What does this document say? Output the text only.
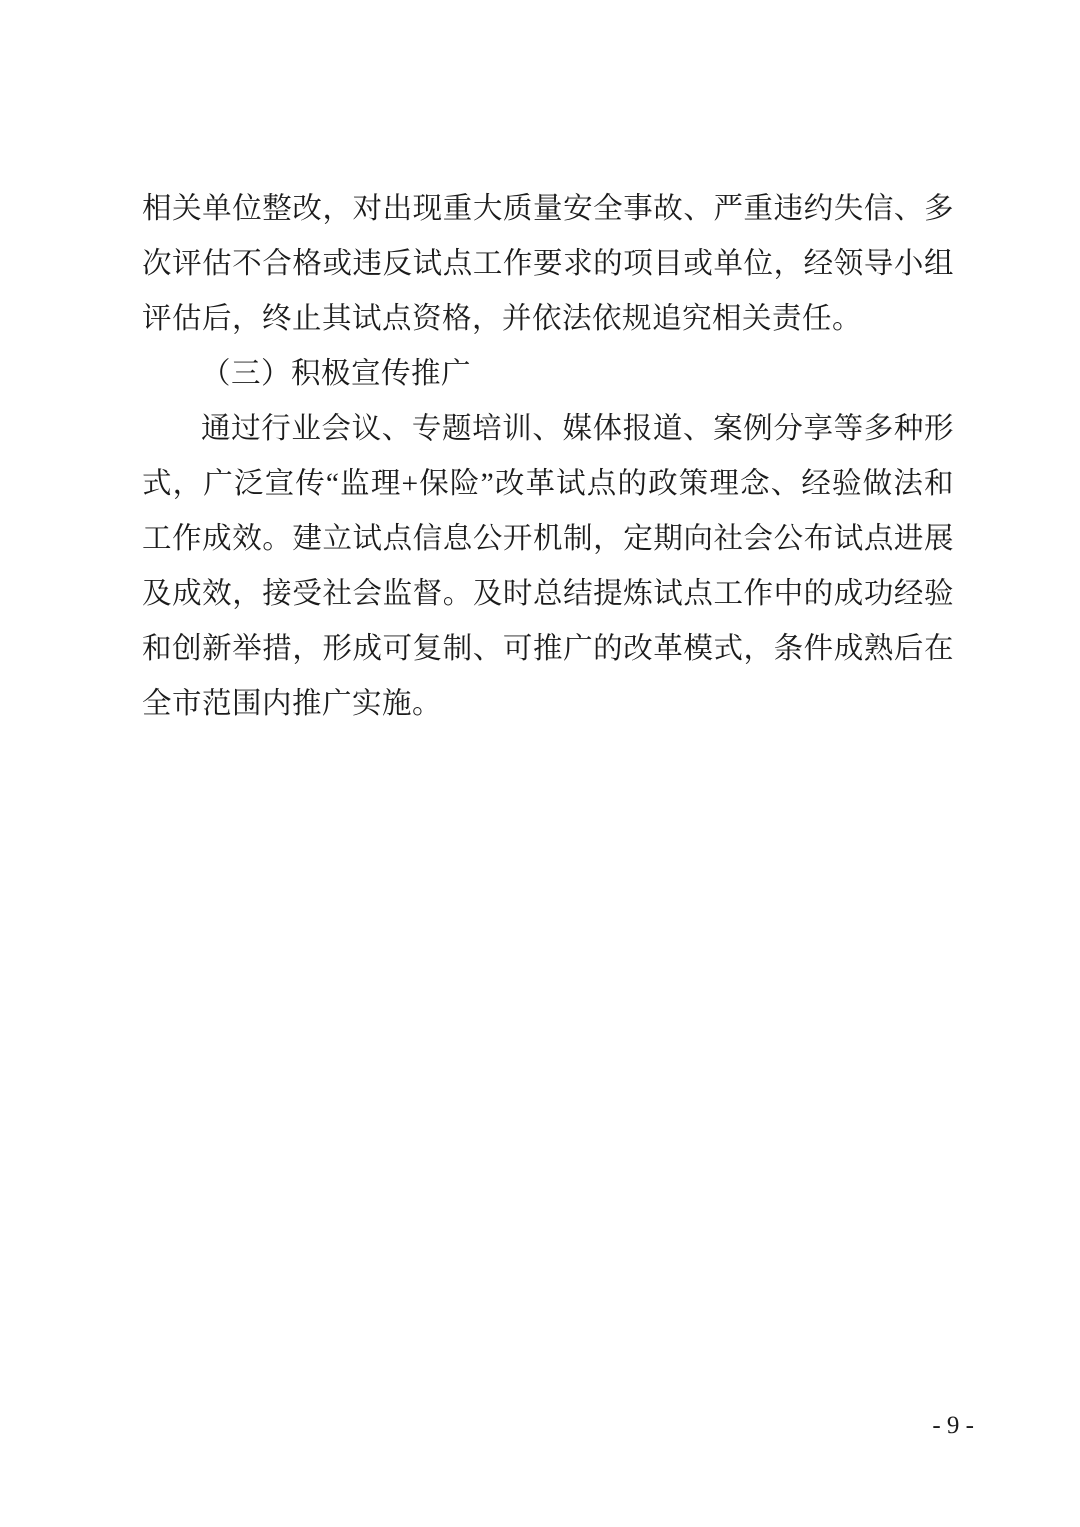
相关单位整改，对出现重大质量安全事故、严重违约失信、多次评估不合格或违反试点工作要求的项目或单位，经领导小组评估后，终止其试点资格，并依法依规追究相关责任。

（三）积极宣传推广

通过行业会议、专题培训、媒体报道、案例分享等多种形式，广泛宣传“监理+保险”改革试点的政策理念、经验做法和工作成效。建立试点信息公开机制，定期向社会公布试点进展及成效，接受社会监督。及时总结提炼试点工作中的成功经验和创新举措，形成可复制、可推广的改革模式，条件成熟后在全市范围内推广实施。

- 9 -
